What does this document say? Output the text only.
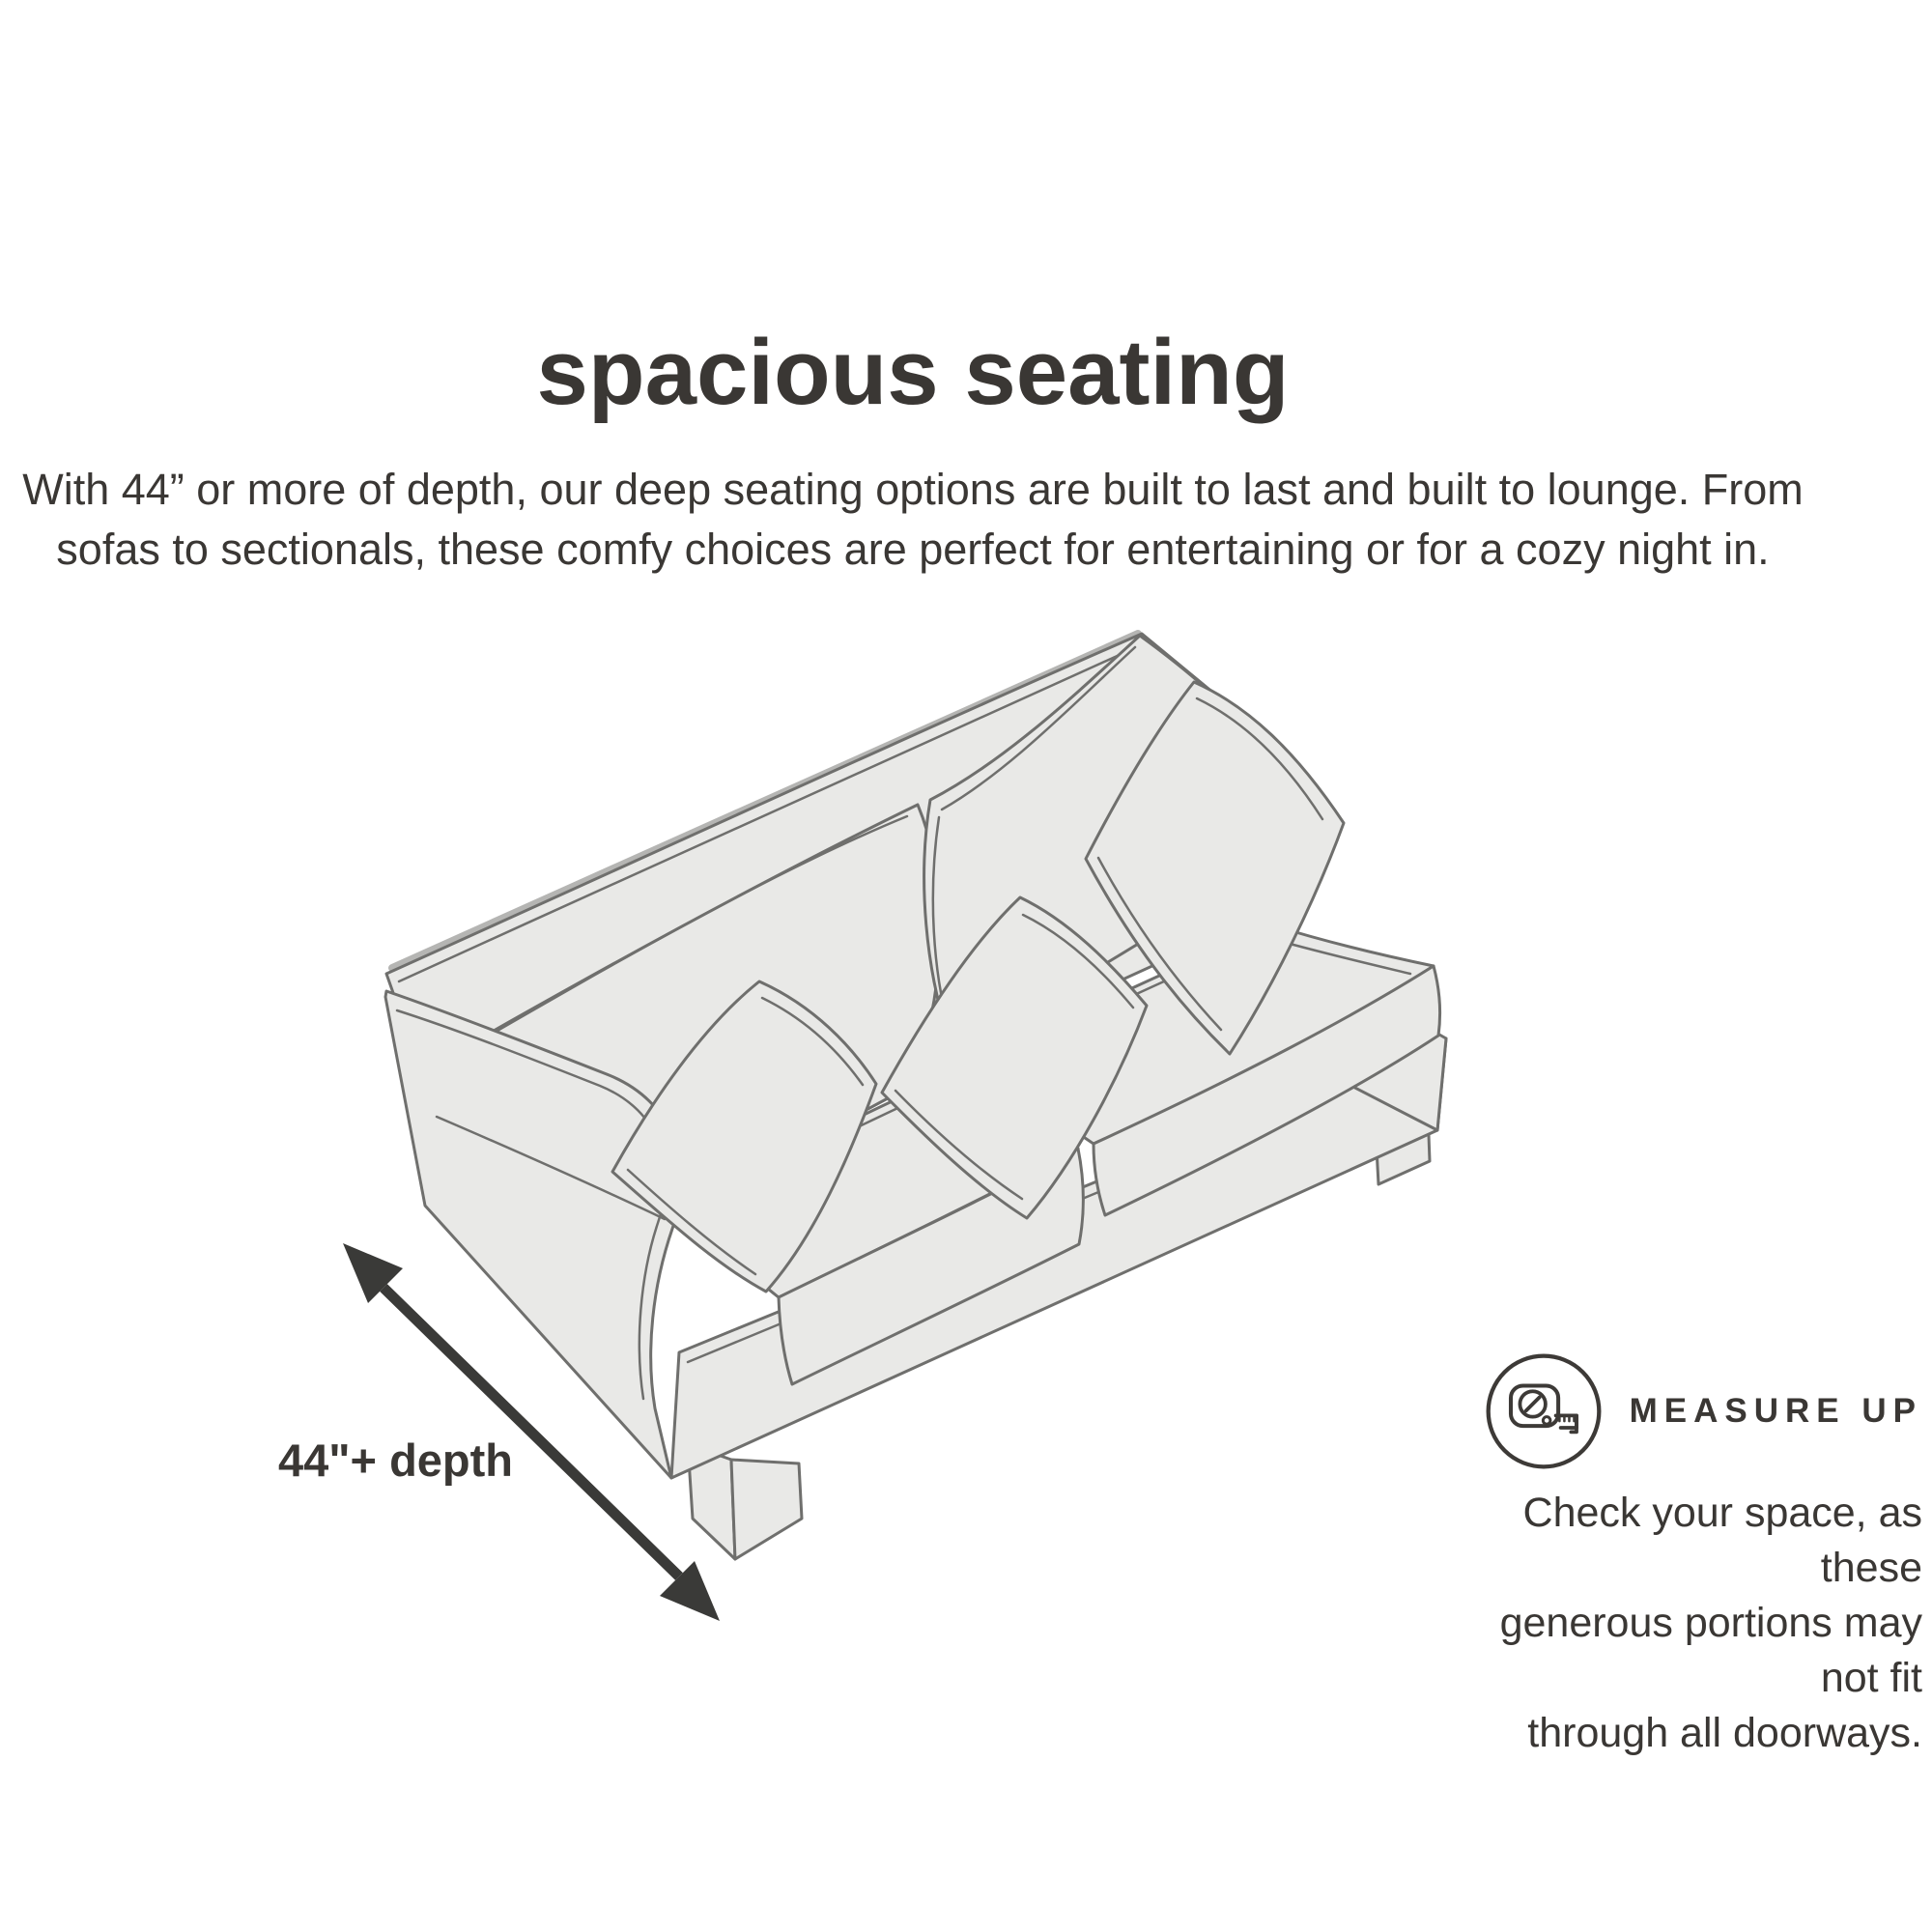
spacious seating

With 44” or more of depth, our deep seating options are built to last and built to lounge. From
sofas to sectionals, these comfy choices are perfect for entertaining or for a cozy night in.

44"+ depth
MEASURE UP
Check your space, as these
generous portions may not fit
through all doorways.
